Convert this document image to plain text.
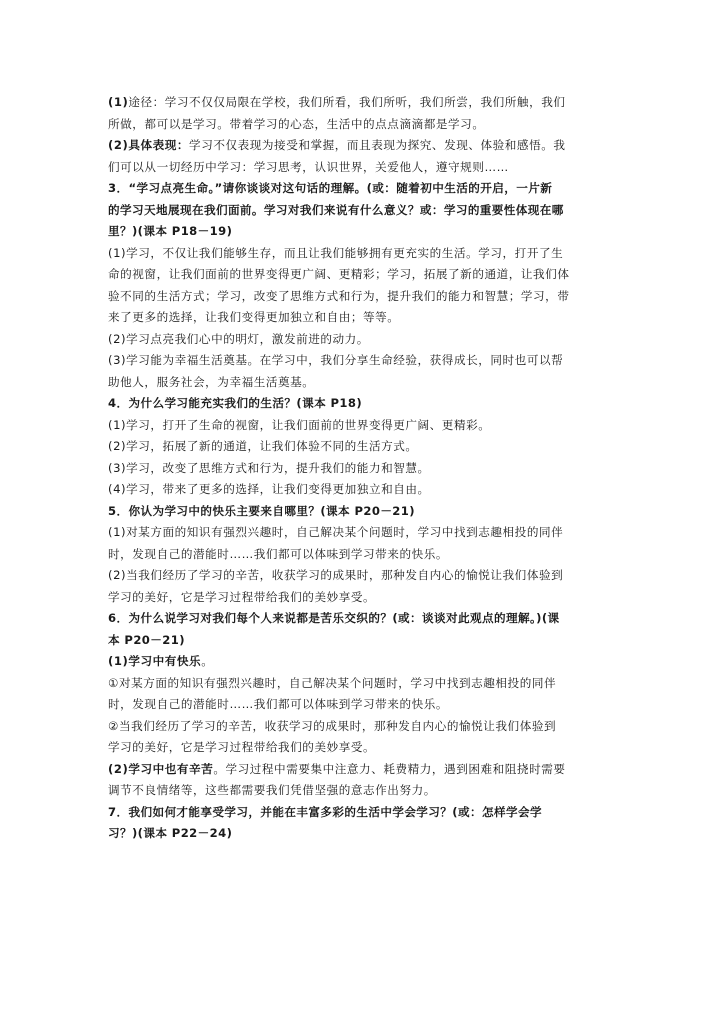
(1)途径：学习不仅仅局限在学校，我们所看，我们所听，我们所尝，我们所触，我们

所做，都可以是学习。带着学习的心态，生活中的点点滴滴都是学习。

(2)具体表现：学习不仅表现为接受和掌握，而且表现为探究、发现、体验和感悟。我

们可以从一切经历中学习：学习思考，认识世界，关爱他人，遵守规则……

3．“学习点亮生命。”请你谈谈对这句话的理解。(或：随着初中生活的开启，一片新

的学习天地展现在我们面前。学习对我们来说有什么意义？或：学习的重要性体现在哪

里？)(课本 P18－19)

(1)学习，不仅让我们能够生存，而且让我们能够拥有更充实的生活。学习，打开了生

命的视窗，让我们面前的世界变得更广阔、更精彩；学习，拓展了新的通道，让我们体

验不同的生活方式；学习，改变了思维方式和行为，提升我们的能力和智慧；学习，带

来了更多的选择，让我们变得更加独立和自由；等等。

(2)学习点亮我们心中的明灯，激发前进的动力。

(3)学习能为幸福生活奠基。在学习中，我们分享生命经验，获得成长，同时也可以帮

助他人，服务社会，为幸福生活奠基。

4．为什么学习能充实我们的生活？(课本 P18)

(1)学习，打开了生命的视窗，让我们面前的世界变得更广阔、更精彩。

(2)学习，拓展了新的通道，让我们体验不同的生活方式。

(3)学习，改变了思维方式和行为，提升我们的能力和智慧。

(4)学习，带来了更多的选择，让我们变得更加独立和自由。

5．你认为学习中的快乐主要来自哪里？(课本 P20－21)

(1)对某方面的知识有强烈兴趣时，自己解决某个问题时，学习中找到志趣相投的同伴

时，发现自己的潜能时……我们都可以体味到学习带来的快乐。

(2)当我们经历了学习的辛苦，收获学习的成果时，那种发自内心的愉悦让我们体验到

学习的美好，它是学习过程带给我们的美妙享受。

6．为什么说学习对我们每个人来说都是苦乐交织的？(或：谈谈对此观点的理解。)(课

本 P20－21)

(1)学习中有快乐。

①对某方面的知识有强烈兴趣时，自己解决某个问题时，学习中找到志趣相投的同伴

时，发现自己的潜能时……我们都可以体味到学习带来的快乐。

②当我们经历了学习的辛苦，收获学习的成果时，那种发自内心的愉悦让我们体验到

学习的美好，它是学习过程带给我们的美妙享受。

(2)学习中也有辛苦。学习过程中需要集中注意力、耗费精力，遇到困难和阻挠时需要

调节不良情绪等，这些都需要我们凭借坚强的意志作出努力。

7．我们如何才能享受学习，并能在丰富多彩的生活中学会学习？(或：怎样学会学

习？)(课本 P22－24)
